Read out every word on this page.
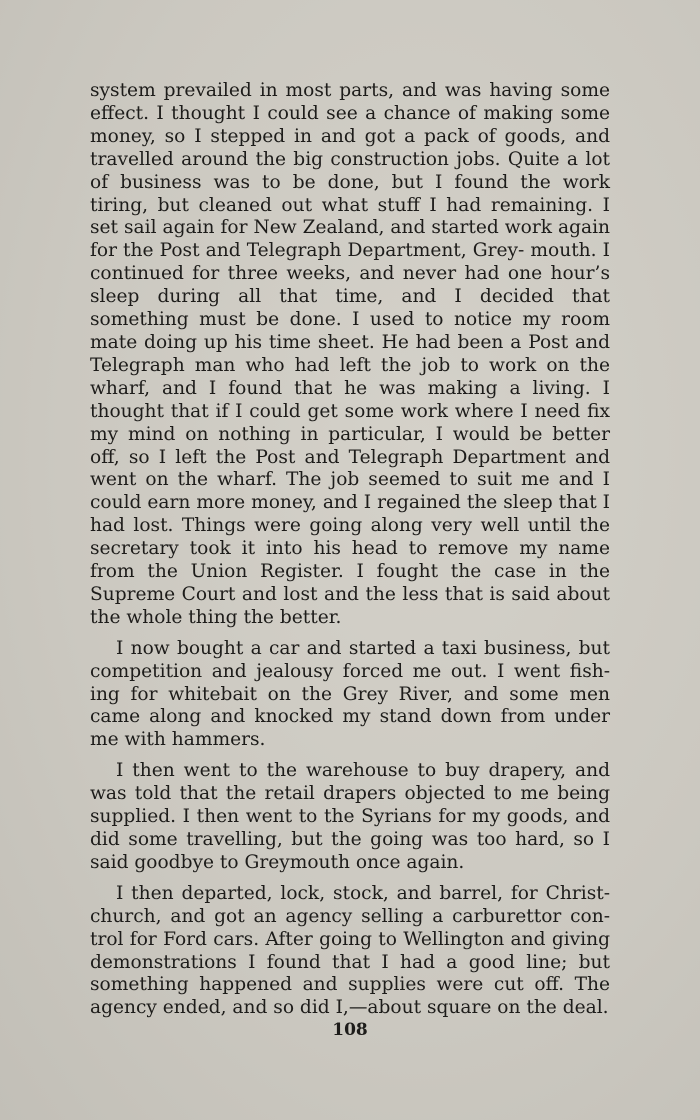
system prevailed in most parts, and was having some effect. I thought I could see a chance of making some money, so I stepped in and got a pack of goods, and travelled around the big construction jobs. Quite a lot of business was to be done, but I found the work tiring, but cleaned out what stuff I had remaining. I set sail again for New Zealand, and started work again for the Post and Telegraph Department, Grey- mouth. I continued for three weeks, and never had one hour’s sleep during all that time, and I decided that something must be done. I used to notice my room mate doing up his time sheet. He had been a Post and Telegraph man who had left the job to work on the wharf, and I found that he was making a living. I thought that if I could get some work where I need fix my mind on nothing in particular, I would be better off, so I left the Post and Telegraph Department and went on the wharf. The job seemed to suit me and I could earn more money, and I regained the sleep that I had lost. Things were going along very well until the secretary took it into his head to remove my name from the Union Register. I fought the case in the Supreme Court and lost and the less that is said about the whole thing the better.

I now bought a car and started a taxi business, but competition and jealousy forced me out. I went fish- ing for whitebait on the Grey River, and some men came along and knocked my stand down from under me with hammers.

I then went to the warehouse to buy drapery, and was told that the retail drapers objected to me being supplied. I then went to the Syrians for my goods, and did some travelling, but the going was too hard, so I said goodbye to Greymouth once again.

I then departed, lock, stock, and barrel, for Christ- church, and got an agency selling a carburettor con- trol for Ford cars. After going to Wellington and giving demonstrations I found that I had a good line; but something happened and supplies were cut off. The agency ended, and so did I,—about square on the deal.

108
